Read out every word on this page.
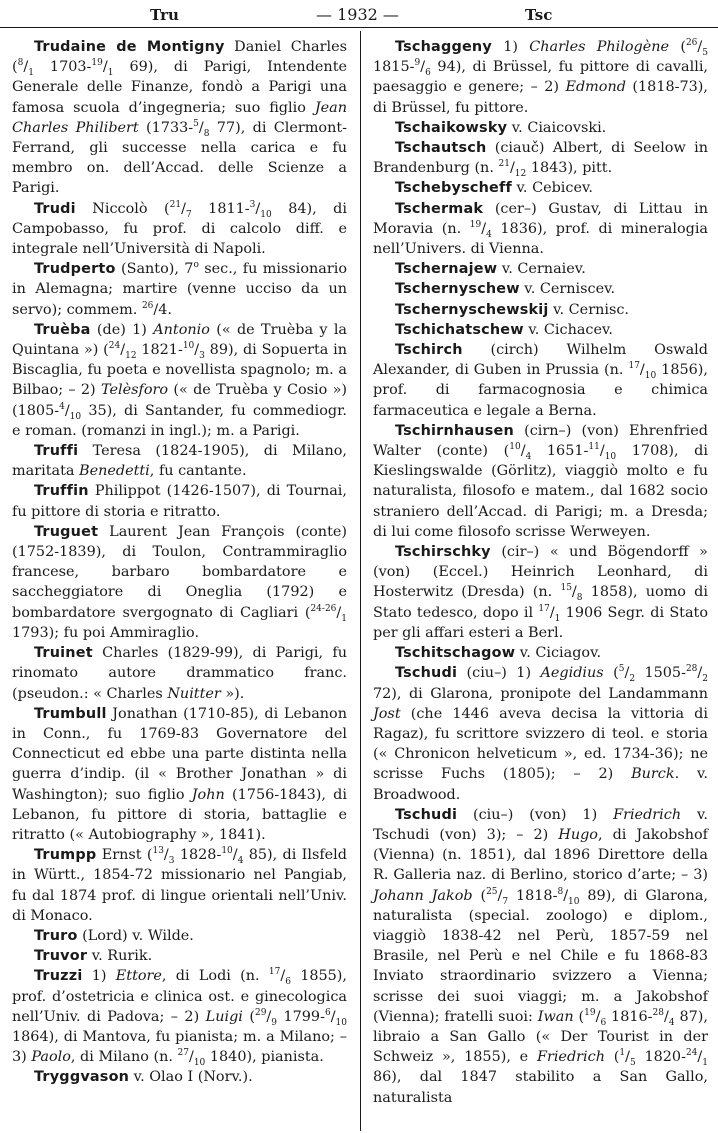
Tru	— 1932 —	Tsc

Trudaine de Montigny Daniel Charles ($^8/_1$ $1703-^{19}/_1$ 69), di Parigi, Intendente Generale delle Finanze, fondò a Parigi una famosa scuola d’ingegneria; suo figlio Jean Charles Philibert ($1733-^5/_8$ 77), di Clermont-Ferrand, gli successe nella carica e fu membro on. dell’Accad. delle Scienze a Parigi.

Trudi Niccolò ($^{21}/_7$ $1811-^3/_{10}$ 84), di Campobasso, fu prof. di calcolo diff. e integrale nell’Università di Napoli.

Trudperto (Santo), 7$^o$ sec., fu missionario in Alemagna; martire (venne ucciso da un servo); commem. $^{26}$/4.

Truèba (de) 1) Antonio (« de Truèba y la Quintana ») ($^{24}/_{12}$ $1821-^{10}/_3$ 89), di Sopuerta in Biscaglia, fu poeta e novellista spagnolo; m. a Bilbao; – 2) Telèsforo (« de Truèba y Cosio ») ($1805-^4/_{10}$ 35), di Santander, fu commediogr. e roman. (romanzi in ingl.); m. a Parigi.

Truffi Teresa (1824-1905), di Milano, maritata Benedetti, fu cantante.

Truffin Philippot (1426-1507), di Tournai, fu pittore di storia e ritratto.

Truguet Laurent Jean François (conte)(1752-1839), di Toulon, Contrammiraglio francese, barbaro bombardatore e saccheggiatore di Oneglia (1792) e bombardatore svergognato di Cagliari ($^{24-26}/_1$ 1793); fu poi Ammiraglio.

Truinet Charles (1829-99), di Parigi, fu rinomato autore drammatico franc. (pseudon.: « Charles Nuitter »).

Trumbull Jonathan (1710-85), di Lebanon in Conn., fu 1769-83 Governatore del Connecticut ed ebbe una parte distinta nella guerra d’indip. (il « Brother Jonathan » di Washington); suo figlio John (1756-1843), di Lebanon, fu pittore di storia, battaglie e ritratto (« Autobiography », 1841).

Trumpp Ernst ($^{13}/_3$ $1828-^{10}/_4$ 85), di Ilsfeld in Württ., 1854-72 missionario nel Pangiab, fu dal 1874 prof. di lingue orientali nell’Univ. di Monaco.

Truro (Lord) v. Wilde.

Truvor v. Rurik.

Truzzi 1) Ettore, di Lodi (n. $^{17}/_6$ 1855), prof. d’ostetricia e clinica ost. e ginecologica nell’Univ. di Padova; – 2) Luigi ($^{29}/_9$ $1799-^6/_{10}$ 1864), di Mantova, fu pianista; m. a Milano; – 3) Paolo, di Milano (n. $^{27}/_{10}$ 1840), pianista.

Tryggvason v. Olao I (Norv.).

Tschaggeny 1) Charles Philogène ($^{26}/_5$ $1815-^9/_6$ 94), di Brüssel, fu pittore di cavalli, paesaggio e genere; – 2) Edmond (1818-73), di Brüssel, fu pittore.

Tschaikowsky v. Ciaicovski.

Tschautsch (ciauč) Albert, di Seelow in Brandenburg (n. $^{21}/_{12}$ 1843), pitt.

Tschebyscheff v. Cebicev.

Tschermak (cer–) Gustav, di Littau in Moravia (n. $^{19}/_4$ 1836), prof. di mineralogia nell’Univers. di Vienna.

Tschernajew v. Cernaiev.

Tschernyschew v. Cerniscev.

Tschernyschewskij v. Cernisc.

Tschichatschew v. Cichacev.

Tschirch (circh) Wilhelm Oswald Alexander, di Guben in Prussia (n. $^{17}/_{10}$ 1856), prof. di farmacognosia e chimica farmaceutica e legale a Berna.

Tschirnhausen (cirn–) (von) Ehrenfried Walter (conte) ($^{10}/_4$ $1651-^{11}/_{10}$ 1708), di Kieslingswalde (Görlitz), viaggiò molto e fu naturalista, filosofo e matem., dal 1682 socio straniero dell’Accad. di Parigi; m. a Dresda; di lui come filosofo scrisse Werweyen.

Tschirschky (cir–) « und Bögendorff » (von) (Eccel.) Heinrich Leonhard, di Hosterwitz (Dresda) (n. $^{15}/_8$ 1858), uomo di Stato tedesco, dopo il $^{17}/_1$ 1906 Segr. di Stato per gli affari esteri a Berl.

Tschitschagow v. Ciciagov.

Tschudi (ciu–) 1) Aegidius ($^5/_2$ $1505-^{28}/_2$ 72), di Glarona, pronipote del Landammann Jost (che 1446 aveva decisa la vittoria di Ragaz), fu scrittore svizzero di teol. e storia (« Chronicon helveticum », ed. 1734-36); ne scrisse Fuchs (1805); – 2) Burck. v. Broadwood.

Tschudi (ciu–) (von) 1) Friedrich v. Tschudi (von) 3); – 2) Hugo, di Jakobshof (Vienna) (n. 1851), dal 1896 Direttore della R. Galleria naz. di Berlino, storico d’arte; – 3) Johann Jakob ($^{25}/_7$ $1818-^8/_{10}$ 89), di Glarona, naturalista (special. zoologo) e diplom., viaggiò 1838-42 nel Perù, 1857-59 nel Brasile, nel Perù e nel Chile e fu 1868-83 Inviato straordinario svizzero a Vienna; scrisse dei suoi viaggi; m. a Jakobshof (Vienna); fratelli suoi: Iwan ($^{19}/_6$ $1816-^{28}/_4$ 87), libraio a San Gallo (« Der Tourist in der Schweiz », 1855), e Friedrich ($^1/_5$ $1820-^{24}/_1$ 86), dal 1847 stabilito a San Gallo, naturalista
